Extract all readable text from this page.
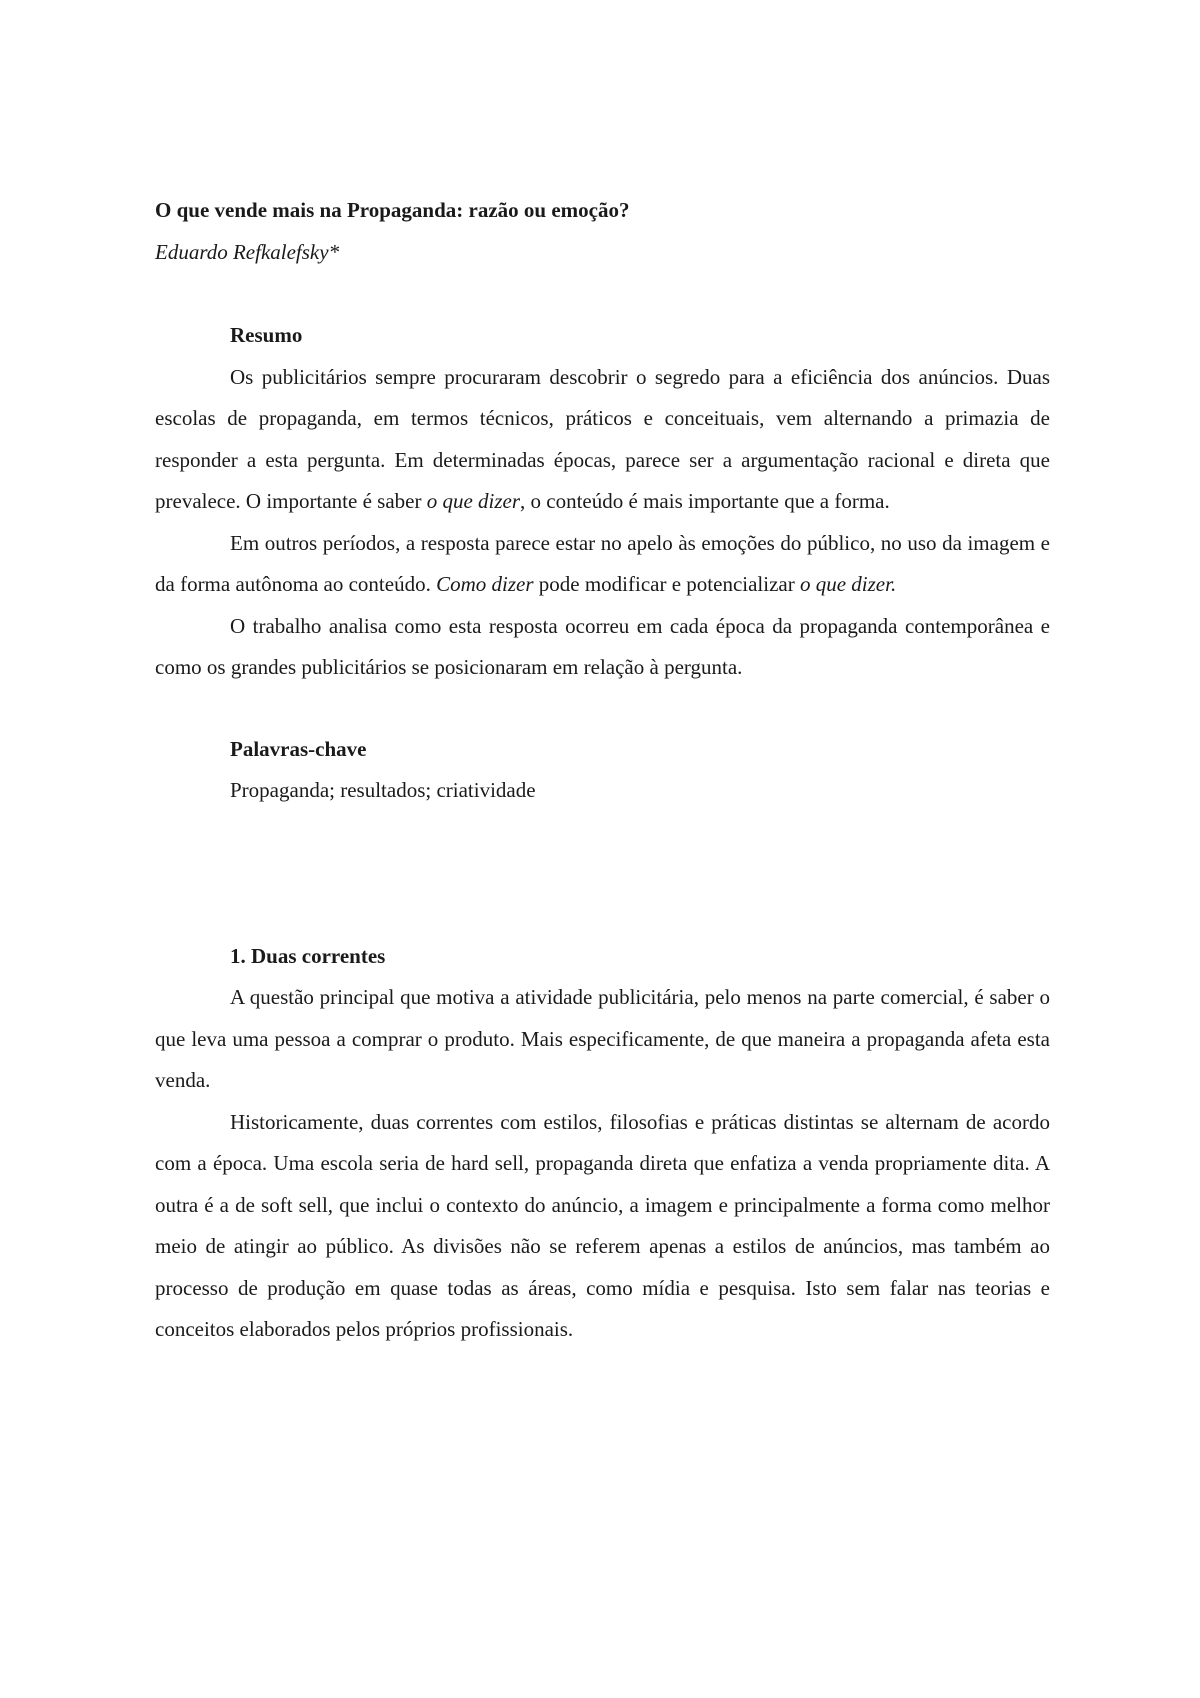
O que vende mais na Propaganda: razão ou emoção?

Eduardo Refkalefsky*

Resumo

Os publicitários sempre procuraram descobrir o segredo para a eficiência dos anúncios. Duas escolas de propaganda, em termos técnicos, práticos e conceituais, vem alternando a primazia de responder a esta pergunta. Em determinadas épocas, parece ser a argumentação racional e direta que prevalece. O importante é saber o que dizer, o conteúdo é mais importante que a forma.

Em outros períodos, a resposta parece estar no apelo às emoções do público, no uso da imagem e da forma autônoma ao conteúdo. Como dizer pode modificar e potencializar o que dizer.

O trabalho analisa como esta resposta ocorreu em cada época da propaganda contemporânea e como os grandes publicitários se posicionaram em relação à pergunta.

Palavras-chave

Propaganda; resultados; criatividade

1. Duas correntes

A questão principal que motiva a atividade publicitária, pelo menos na parte comercial, é saber o que leva uma pessoa a comprar o produto. Mais especificamente, de que maneira a propaganda afeta esta venda.

Historicamente, duas correntes com estilos, filosofias e práticas distintas se alternam de acordo com a época. Uma escola seria de hard sell, propaganda direta que enfatiza a venda propriamente dita. A outra é a de soft sell, que inclui o contexto do anúncio, a imagem e principalmente a forma como melhor meio de atingir ao público. As divisões não se referem apenas a estilos de anúncios, mas também ao processo de produção em quase todas as áreas, como mídia e pesquisa. Isto sem falar nas teorias e conceitos elaborados pelos próprios profissionais.
